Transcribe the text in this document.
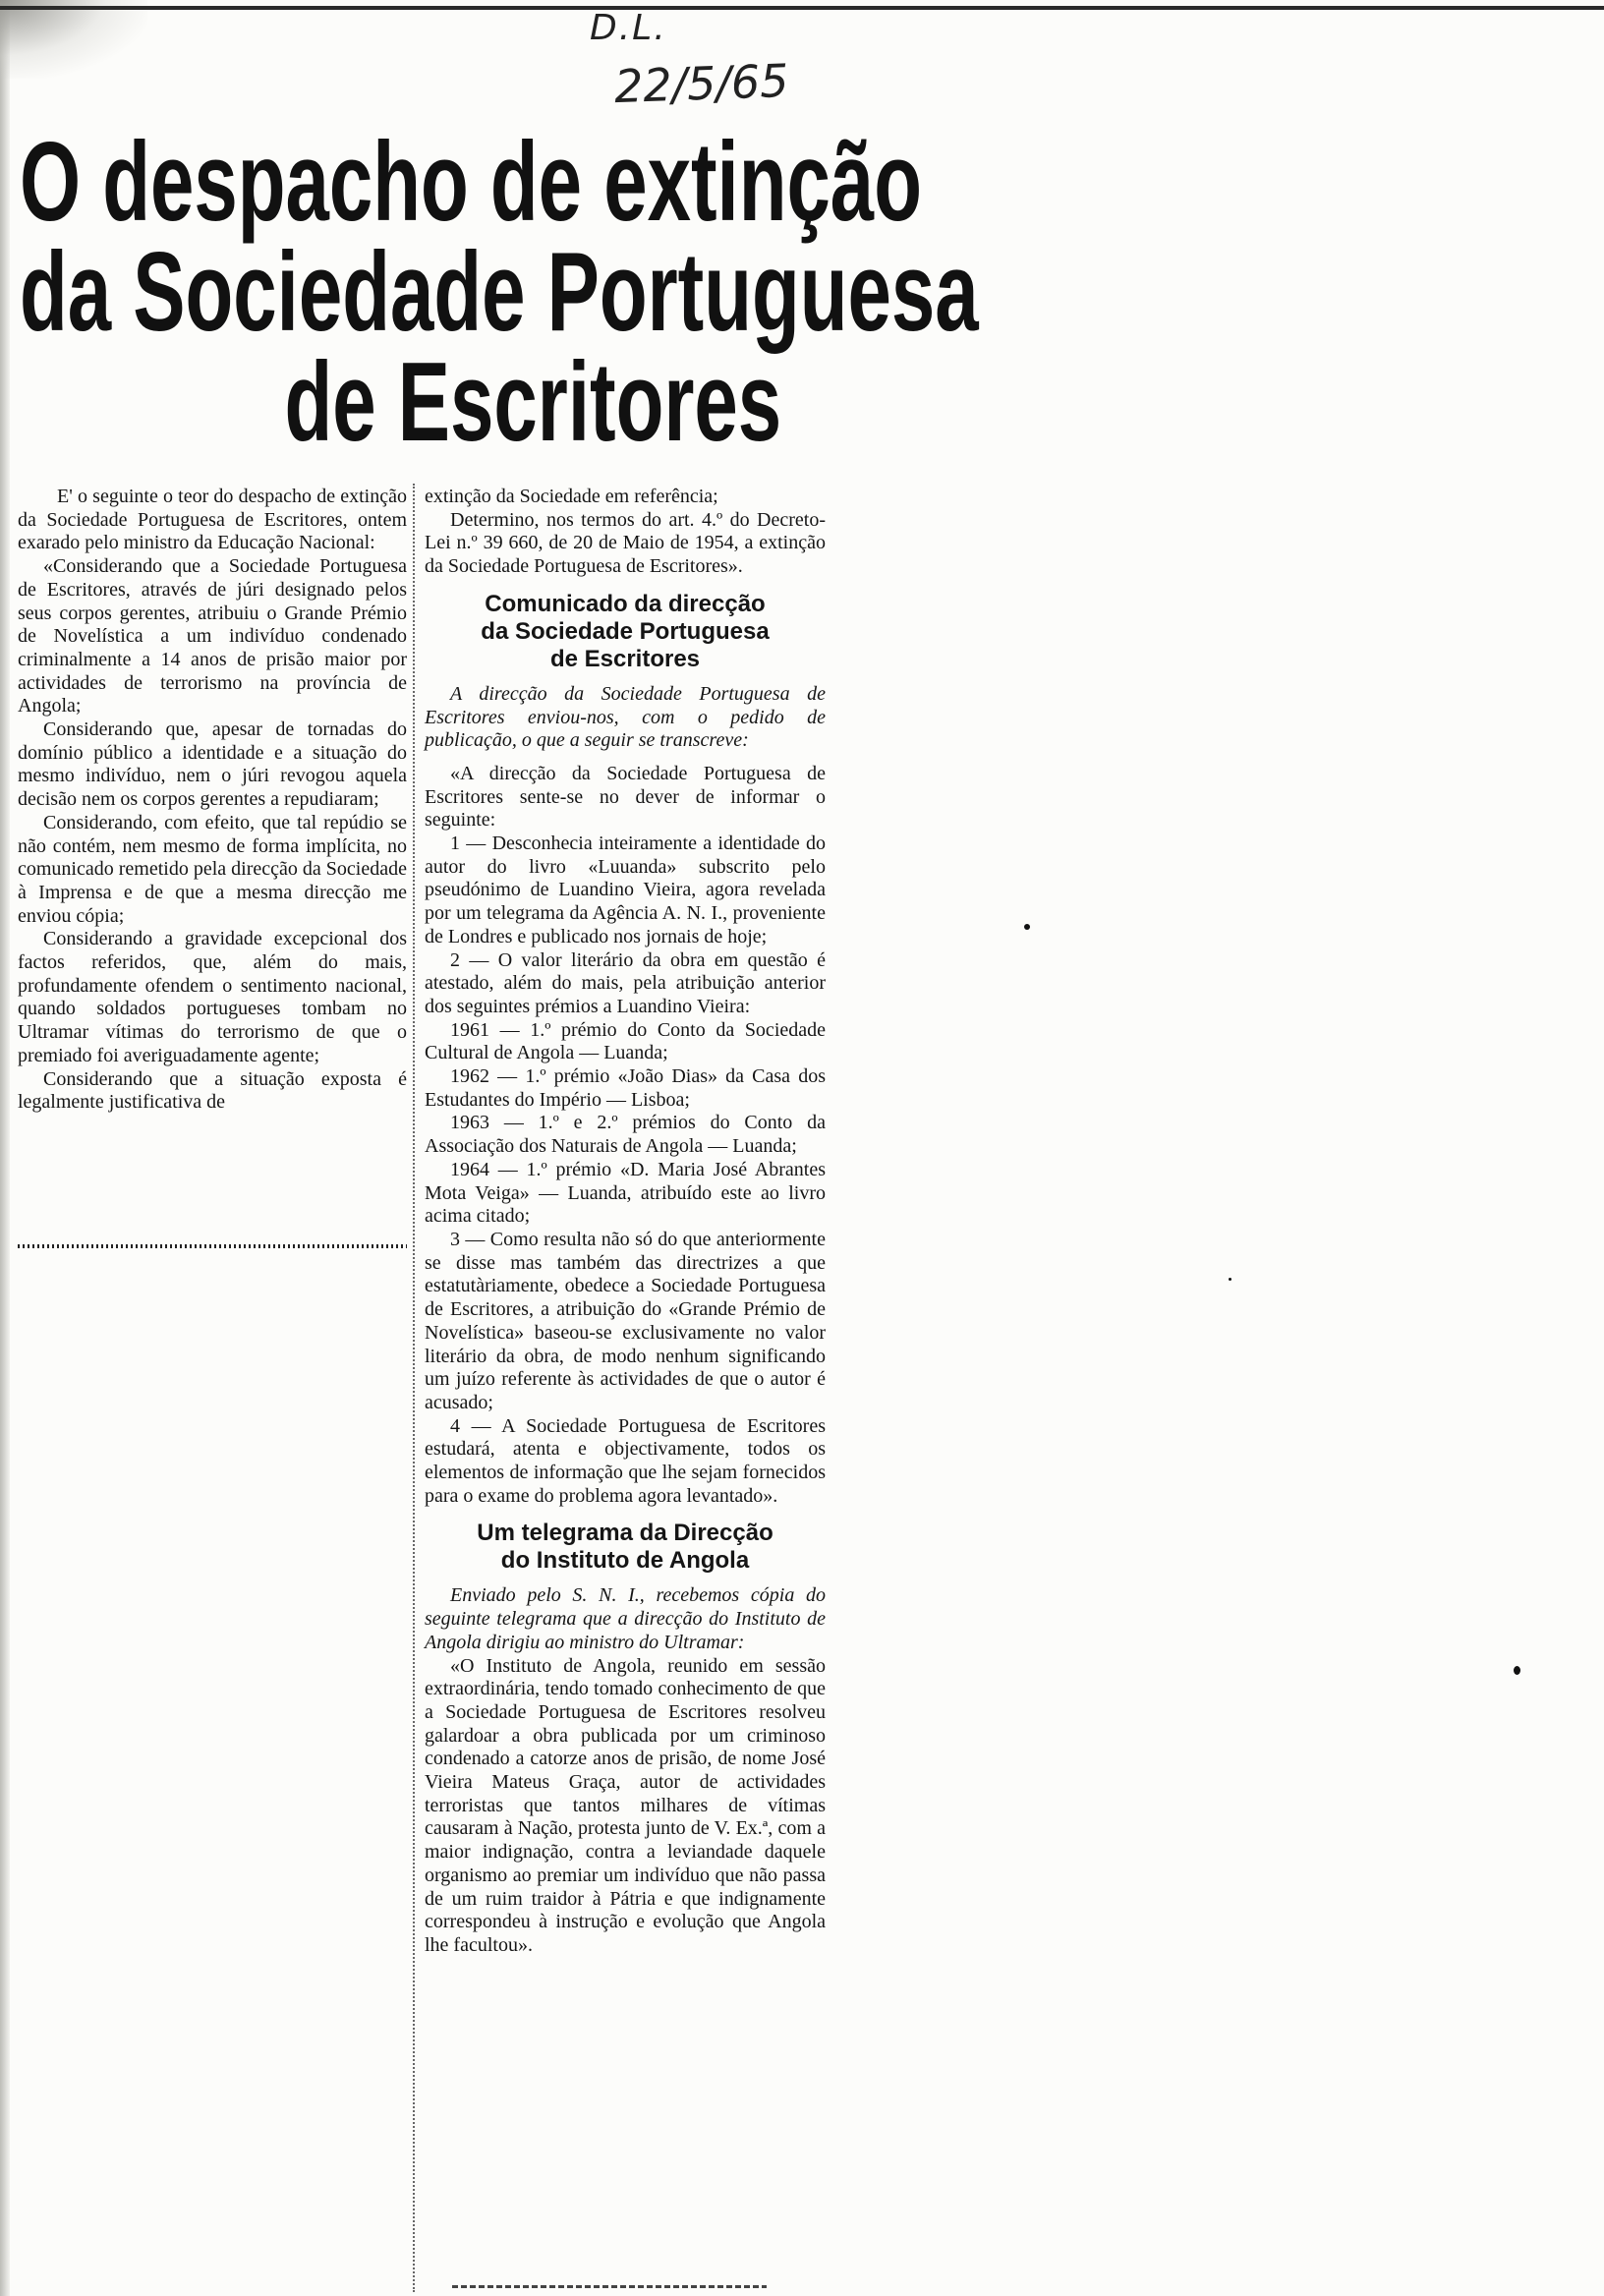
D.L.
22/5/65
O despacho de extinção
da Sociedade Portuguesa
de Escritores

E' o seguinte o teor do despacho de extinção da Sociedade Portuguesa de Escritores, ontem exarado pelo ministro da Educação Nacional:

«Considerando que a Sociedade Portuguesa de Escritores, através de júri designado pelos seus corpos gerentes, atribuiu o Grande Prémio de Novelística a um indivíduo condenado criminalmente a 14 anos de prisão maior por actividades de terrorismo na província de Angola;

Considerando que, apesar de tornadas do domínio público a identidade e a situação do mesmo indivíduo, nem o júri revogou aquela decisão nem os corpos gerentes a repudiaram;

Considerando, com efeito, que tal repúdio se não contém, nem mesmo de forma implícita, no comunicado remetido pela direcção da Sociedade à Imprensa e de que a mesma direcção me enviou cópia;

Considerando a gravidade excepcional dos factos referidos, que, além do mais, profundamente ofendem o sentimento nacional, quando soldados portugueses tombam no Ultramar vítimas do terrorismo de que o premiado foi averiguadamente agente;

Considerando que a situação exposta é legalmente justificativa de

extinção da Sociedade em referência;

Determino, nos termos do art. 4.º do Decreto-Lei n.º 39 660, de 20 de Maio de 1954, a extinção da Sociedade Portuguesa de Escritores».

Comunicado da direcção
da Sociedade Portuguesa
de Escritores

A direcção da Sociedade Portuguesa de Escritores enviou-nos, com o pedido de publicação, o que a seguir se transcreve:

«A direcção da Sociedade Portuguesa de Escritores sente-se no dever de informar o seguinte:

1 — Desconhecia inteiramente a identidade do autor do livro «Luuanda» subscrito pelo pseudónimo de Luandino Vieira, agora revelada por um telegrama da Agência A. N. I., proveniente de Londres e publicado nos jornais de hoje;

2 — O valor literário da obra em questão é atestado, além do mais, pela atribuição anterior dos seguintes prémios a Luandino Vieira:

1961 — 1.º prémio do Conto da Sociedade Cultural de Angola — Luanda;

1962 — 1.º prémio «João Dias» da Casa dos Estudantes do Império — Lisboa;

1963 — 1.º e 2.º prémios do Conto da Associação dos Naturais de Angola — Luanda;

1964 — 1.º prémio «D. Maria José Abrantes Mota Veiga» — Luanda, atribuído este ao livro acima citado;

3 — Como resulta não só do que anteriormente se disse mas também das directrizes a que estatutàriamente, obedece a Sociedade Portuguesa de Escritores, a atribuição do «Grande Prémio de Novelística» baseou-se exclusivamente no valor literário da obra, de modo nenhum significando um juízo referente às actividades de que o autor é acusado;

4 — A Sociedade Portuguesa de Escritores estudará, atenta e objectivamente, todos os elementos de informação que lhe sejam fornecidos para o exame do problema agora levantado».

Um telegrama da Direcção
do Instituto de Angola

Enviado pelo S. N. I., recebemos cópia do seguinte telegrama que a direcção do Instituto de Angola dirigiu ao ministro do Ultramar:

«O Instituto de Angola, reunido em sessão extraordinária, tendo tomado conhecimento de que a Sociedade Portuguesa de Escritores resolveu galardoar a obra publicada por um criminoso condenado a catorze anos de prisão, de nome José Vieira Mateus Graça, autor de actividades terroristas que tantos milhares de vítimas causaram à Nação, protesta junto de V. Ex.ª, com a maior indignação, contra a leviandade daquele organismo ao premiar um indivíduo que não passa de um ruim traidor à Pátria e que indignamente correspondeu à instrução e evolução que Angola lhe facultou».
